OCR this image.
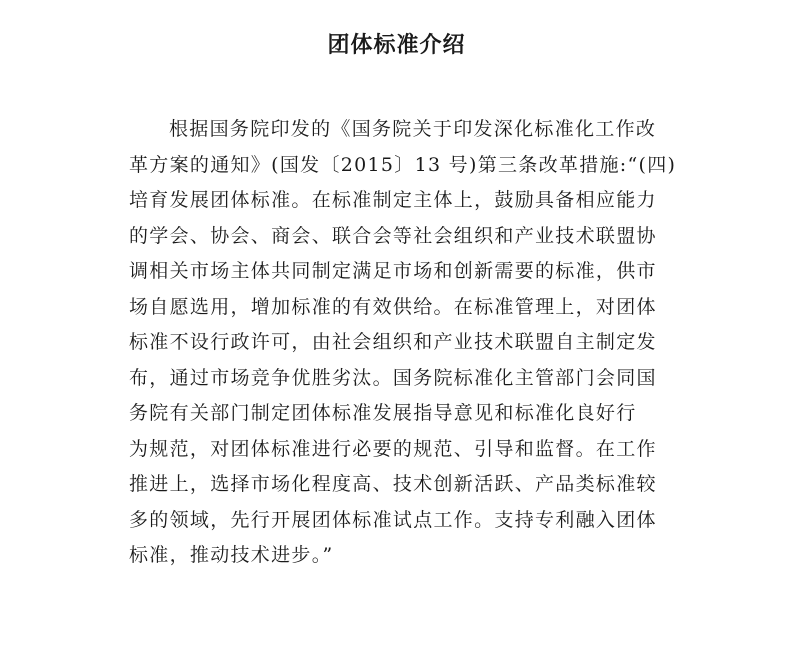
团体标准介绍
根据国务院印发的《国务院关于印发深化标准化工作改
革方案的通知》(国发〔2015〕13 号)第三条改革措施:“(四)
培育发展团体标准。在标准制定主体上，鼓励具备相应能力
的学会、协会、商会、联合会等社会组织和产业技术联盟协
调相关市场主体共同制定满足市场和创新需要的标准，供市
场自愿选用，增加标准的有效供给。在标准管理上，对团体
标准不设行政许可，由社会组织和产业技术联盟自主制定发
布，通过市场竞争优胜劣汰。国务院标准化主管部门会同国
务院有关部门制定团体标准发展指导意见和标准化良好行
为规范，对团体标准进行必要的规范、引导和监督。在工作
推进上，选择市场化程度高、技术创新活跃、产品类标准较
多的领域，先行开展团体标准试点工作。支持专利融入团体
标准，推动技术进步。”
